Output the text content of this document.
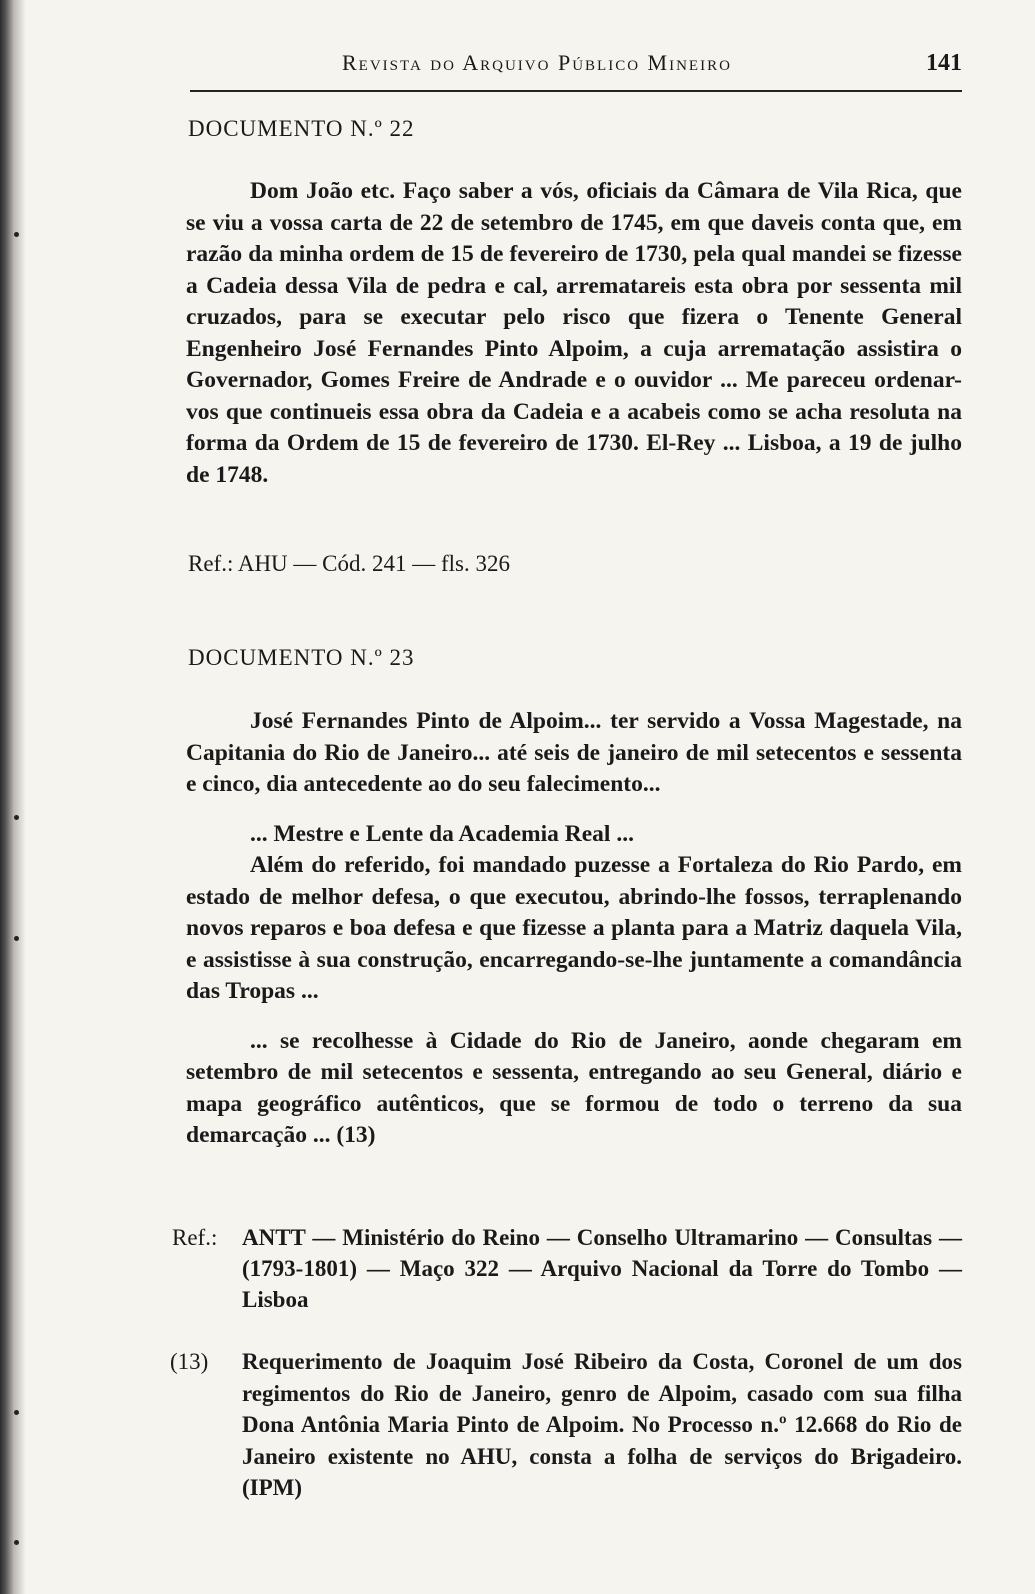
Revista do Arquivo Público Mineiro	141
DOCUMENTO N.º 22

Dom João etc. Faço saber a vós, oficiais da Câmara de Vila Rica, que se viu a vossa carta de 22 de setembro de 1745, em que daveis conta que, em razão da minha ordem de 15 de fevereiro de 1730, pela qual mandei se fizesse a Cadeia dessa Vila de pedra e cal, arrematareis esta obra por sessenta mil cruzados, para se executar pelo risco que fizera o Tenente General Engenheiro José Fernandes Pinto Alpoim, a cuja arrematação assistira o Governador, Gomes Freire de Andrade e o ouvidor ... Me pareceu ordenar-vos que continueis essa obra da Cadeia e a acabeis como se acha resoluta na forma da Ordem de 15 de fevereiro de 1730. El-Rey ... Lisboa, a 19 de julho de 1748.

Ref.: AHU — Cód. 241 — fls. 326
DOCUMENTO N.º 23

José Fernandes Pinto de Alpoim... ter servido a Vossa Magestade, na Capitania do Rio de Janeiro... até seis de janeiro de mil setecentos e sessenta e cinco, dia antecedente ao do seu falecimento...

... Mestre e Lente da Academia Real ...

Além do referido, foi mandado puzesse a Fortaleza do Rio Pardo, em estado de melhor defesa, o que executou, abrindo-lhe fossos, terraplenando novos reparos e boa defesa e que fizesse a planta para a Matriz daquela Vila, e assistisse à sua construção, encarregando-se-lhe juntamente a comandância das Tropas ...

... se recolhesse à Cidade do Rio de Janeiro, aonde chegaram em setembro de mil setecentos e sessenta, entregando ao seu General, diário e mapa geográfico autênticos, que se formou de todo o terreno da sua demarcação ... (13)

Ref.: ANTT — Ministério do Reino — Conselho Ultramarino — Consultas — (1793-1801) — Maço 322 — Arquivo Nacional da Torre do Tombo — Lisboa
(13) Requerimento de Joaquim José Ribeiro da Costa, Coronel de um dos regimentos do Rio de Janeiro, genro de Alpoim, casado com sua filha Dona Antônia Maria Pinto de Alpoim. No Processo n.º 12.668 do Rio de Janeiro existente no AHU, consta a folha de serviços do Brigadeiro. (IPM)
